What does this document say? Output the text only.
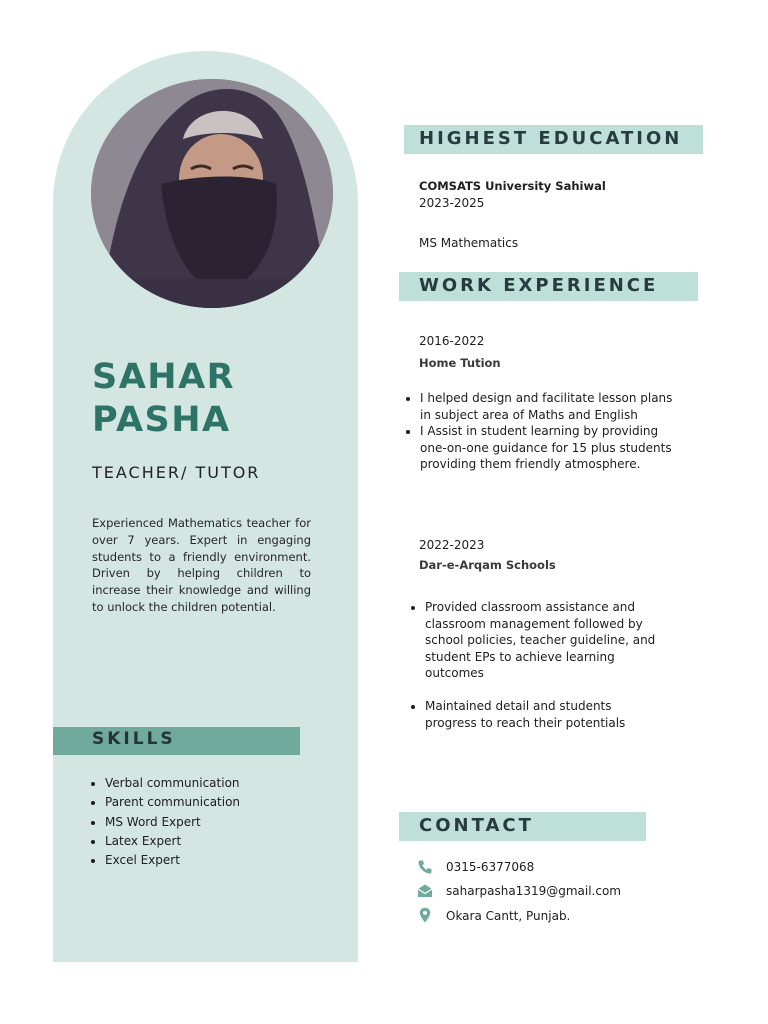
SAHAR
PASHA
TEACHER/ TUTOR

Experienced Mathematics teacher for over 7 years. Expert in engaging students to a friendly environment. Driven by helping children to increase their knowledge and willing to unlock the children potential.

SKILLS
• Verbal communication
• Parent communication
• MS Word Expert
• Latex Expert
• Excel Expert
HIGHEST EDUCATION
COMSATS University Sahiwal
2023-2025
MS Mathematics
WORK EXPERIENCE
2016-2022
Home Tution
• I helped design and facilitate lesson plans in subject area of Maths and English
• I Assist in student learning by providing one-on-one guidance for 15 plus students providing them friendly atmosphere.
2022-2023
Dar-e-Arqam Schools
• Provided classroom assistance and classroom management followed by school policies, teacher guideline, and student EPs to achieve learning outcomes
• Maintained detail and students progress to reach their potentials
CONTACT
0315-6377068
saharpasha1319@gmail.com
Okara Cantt, Punjab.
